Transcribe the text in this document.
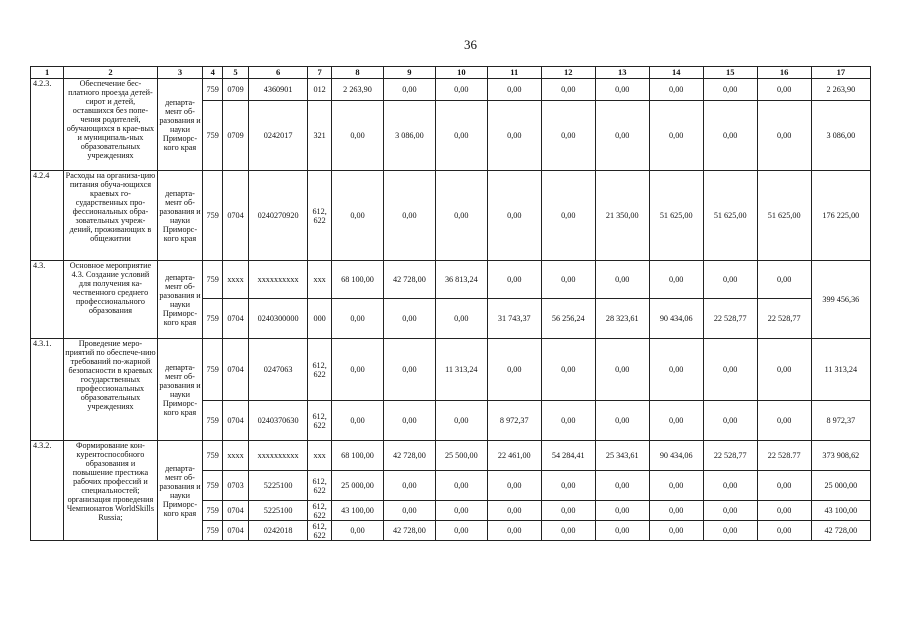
36
1	2	3	4	5	6	7	8	9	10	11	12	13	14	15	16	17
4.2.3.	Обеспечение бес-платного проезда детей-сирот и детей, оставшихся без попе-чения родителей, обучающихся в крае-вых и муниципаль-ных образовательных учреждениях	департа-мент об-разования и науки Приморс-кого края	759	0709	4360901	012	2 263,90	0,00	0,00	0,00	0,00	0,00	0,00	0,00	0,00	2 263,90
			759	0709	0242017	321	0,00	3 086,00	0,00	0,00	0,00	0,00	0,00	0,00	0,00	3 086,00
4.2.4	Расходы на организа-цию питания обуча-ющихся краевых го-сударственных про-фессиональных обра-зовательных учреж-дений, проживающих в общежитии	департа-мент об-разования и науки Приморс-кого края	759	0704	0240270920	612, 622	0,00	0,00	0,00	0,00	0,00	21 350,00	51 625,00	51 625,00	51 625,00	176 225,00
4.3.	Основное мероприятие 4.3. Создание условий для получения ка-чественного среднего профессионального образования	департа-мент об-разования и науки Приморс-кого края	759	xxxx	xxxxxxxxxx	xxx	68 100,00	42 728,00	36 813,24	0,00	0,00	0,00	0,00	0,00	0,00	399 456,36
			759	0704	0240300000	000	0,00	0,00	0,00	31 743,37	56 256,24	28 323,61	90 434,06	22 528,77	22 528,77	
4.3.1.	Проведение меро-приятий по обеспече-нию требований по-жарной безопасности в краевых государственных профессиональных образовательных учреждениях	департа-мент об-разования и науки Приморс-кого края	759	0704	0247063	612, 622	0,00	0,00	11 313,24	0,00	0,00	0,00	0,00	0,00	0,00	11 313,24
			759	0704	0240370630	612, 622	0,00	0,00	0,00	8 972,37	0,00	0,00	0,00	0,00	0,00	8 972,37
4.3.2.	Формирование кон-курентоспособного образования и повышение престижа рабочих профессий и специальностей; организация проведения Чемпионатов WorldSkills Russia;	департа-мент об-разования и науки Приморс-кого края	759	xxxx	xxxxxxxxxx	xxx	68 100,00	42 728,00	25 500,00	22 461,00	54 284,41	25 343,61	90 434,06	22 528,77	22 528.77	373 908,62
			759	0703	5225100	612, 622	25 000,00	0,00	0,00	0,00	0,00	0,00	0,00	0,00	0,00	25 000,00
			759	0704	5225100	612, 622	43 100,00	0,00	0,00	0,00	0,00	0,00	0,00	0,00	0,00	43 100,00
			759	0704	0242018	612, 622	0,00	42 728,00	0,00	0,00	0,00	0,00	0,00	0,00	0,00	42 728,00
